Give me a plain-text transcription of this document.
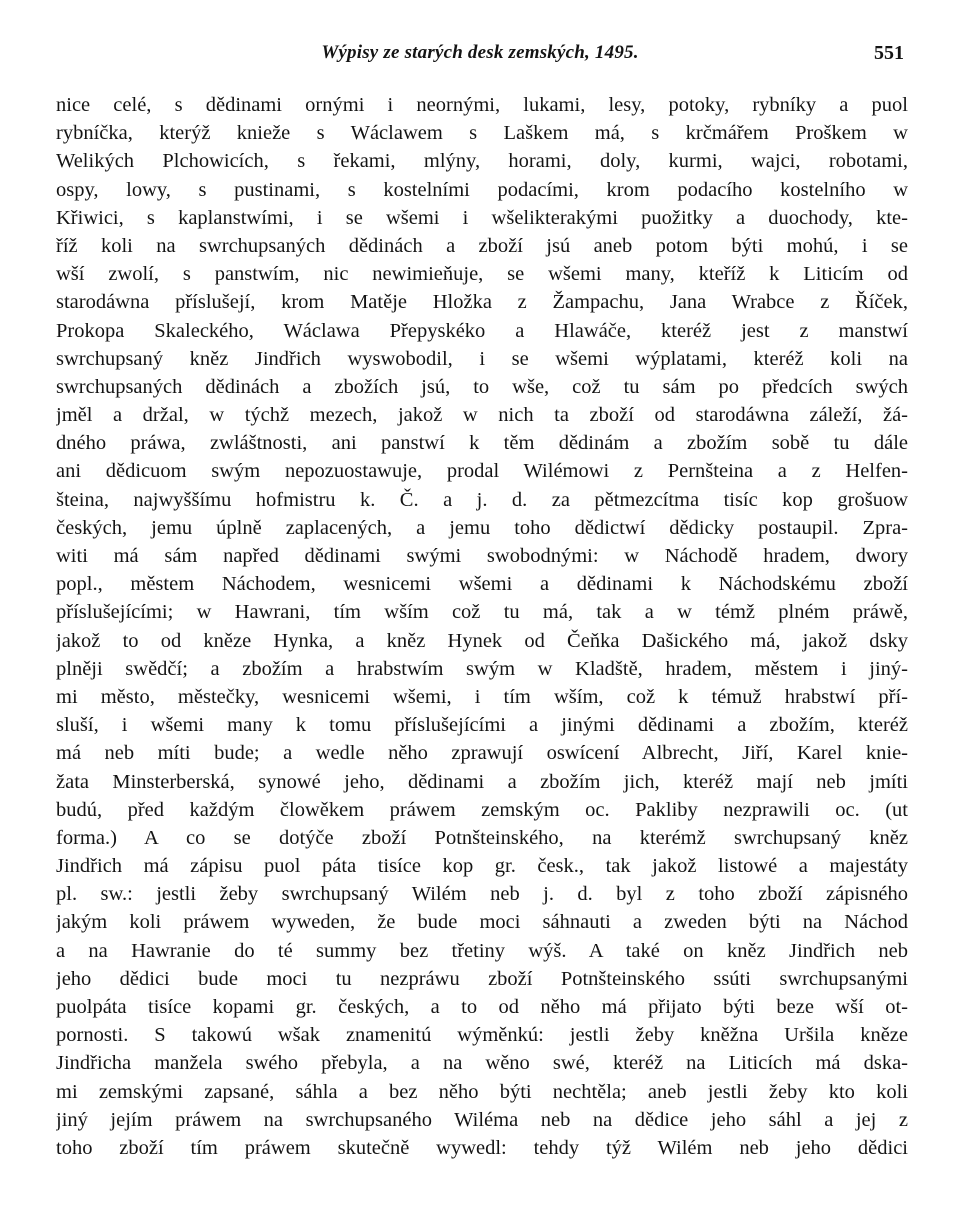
Wýpisy ze starých desk zemských, 1495.	551
nice celé, s dědinami ornými i neornými, lukami, lesy, potoky, rybníky a puol
rybníčka, kterýž knieže s Wáclawem s Laškem má, s krčmářem Proškem w
Welikých Plchowicích, s řekami, mlýny, horami, doly, kurmi, wajci, robotami,
ospy, lowy, s pustinami, s kostelními podacími, krom podacího kostelního w
Křiwici, s kaplanstwími, i se wšemi i wšelikterakými puožitky a duochody, kte-
říž koli na swrchupsaných dědinách a zboží jsú aneb potom býti mohú, i se
wší zwolí, s panstwím, nic newimieňuje, se wšemi many, kteříž k Liticím od
starodáwna příslušejí, krom Matěje Hložka z Žampachu, Jana Wrabce z Říček,
Prokopa Skaleckého, Wáclawa Přepyskéko a Hlawáče, kteréž jest z manstwí
swrchupsaný kněz Jindřich wyswobodil, i se wšemi wýplatami, kteréž koli na
swrchupsaných dědinách a zbožích jsú, to wše, což tu sám po předcích swých
jměl a držal, w týchž mezech, jakož w nich ta zboží od starodáwna záleží, žá-
dného práwa, zwláštnosti, ani panstwí k těm dědinám a zbožím sobě tu dále
ani dědicuom swým nepozuostawuje, prodal Wilémowi z Pernšteina a z Helfen-
šteina, najwyššímu hofmistru k. Č. a j. d. za pětmezcítma tisíc kop grošuow
českých, jemu úplně zaplacených, a jemu toho dědictwí dědicky postaupil. Zpra-
witi má sám napřed dědinami swými swobodnými: w Náchodě hradem, dwory
popl., městem Náchodem, wesnicemi wšemi a dědinami k Náchodskému zboží
příslušejícími; w Hawrani, tím wším což tu má, tak a w témž plném práwě,
jakož to od kněze Hynka, a kněz Hynek od Čeňka Dašického má, jakož dsky
plněji swědčí; a zbožím a hrabstwím swým w Kladště, hradem, městem i jiný-
mi město, městečky, wesnicemi wšemi, i tím wším, což k témuž hrabstwí pří-
sluší, i wšemi many k tomu příslušejícími a jinými dědinami a zbožím, kteréž
má neb míti bude; a wedle něho zprawují oswícení Albrecht, Jiří, Karel knie-
žata Minsterberská, synowé jeho, dědinami a zbožím jich, kteréž mají neb jmíti
budú, před každým člowěkem práwem zemským oc. Pakliby nezprawili oc. (ut
forma.) A co se dotýče zboží Potnšteinského, na kterémž swrchupsaný kněz
Jindřich má zápisu puol páta tisíce kop gr. česk., tak jakož listowé a majestáty
pl. sw.: jestli žeby swrchupsaný Wilém neb j. d. byl z toho zboží zápisného
jakým koli práwem wyweden, že bude moci sáhnauti a zweden býti na Náchod
a na Hawranie do té summy bez třetiny wýš. A také on kněz Jindřich neb
jeho dědici bude moci tu nezpráwu zboží Potnšteinského ssúti swrchupsanými
puolpáta tisíce kopami gr. českých, a to od něho má přijato býti beze wší ot-
pornosti. S takowú wšak znamenitú wýměnkú: jestli žeby kněžna Uršila kněze
Jindřicha manžela swého přebyla, a na wěno swé, kteréž na Liticích má dska-
mi zemskými zapsané, sáhla a bez něho býti nechtěla; aneb jestli žeby kto koli
jiný jejím práwem na swrchupsaného Wiléma neb na dědice jeho sáhl a jej z
toho zboží tím práwem skutečně wywedl: tehdy týž Wilém neb jeho dědici
